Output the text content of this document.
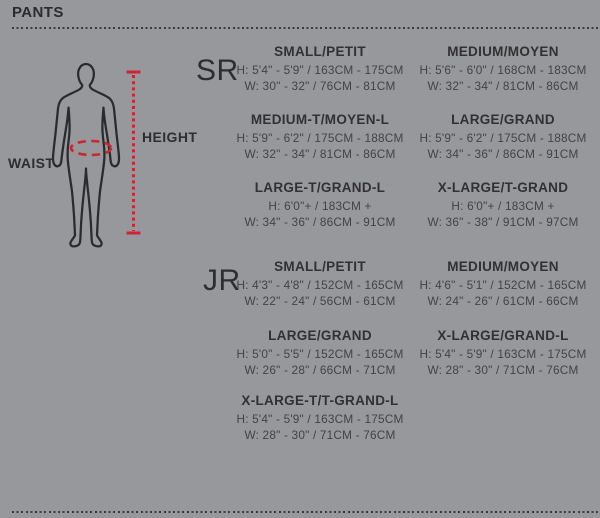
PANTS
WAIST
HEIGHT
SR
JR
SMALL/PETIT
H: 5'4" - 5'9" / 163CM - 175CM
W: 30" - 32" / 76CM - 81CM
MEDIUM/MOYEN
H: 5'6" - 6'0" / 168CM - 183CM
W: 32" - 34" / 81CM - 86CM
MEDIUM-T/MOYEN-L
H: 5'9" - 6'2" / 175CM - 188CM
W: 32" - 34" / 81CM - 86CM
LARGE/GRAND
H: 5'9" - 6'2" / 175CM - 188CM
W: 34" - 36" / 86CM - 91CM
LARGE-T/GRAND-L
H: 6'0"+ / 183CM +
W: 34" - 36" / 86CM - 91CM
X-LARGE/T-GRAND
H: 6'0"+ / 183CM +
W: 36" - 38" / 91CM - 97CM
SMALL/PETIT
H: 4'3" - 4'8" / 152CM - 165CM
W: 22" - 24" / 56CM - 61CM
MEDIUM/MOYEN
H: 4'6" - 5'1" / 152CM - 165CM
W: 24" - 26" / 61CM - 66CM
LARGE/GRAND
H: 5'0" - 5'5" / 152CM - 165CM
W: 26" - 28" / 66CM - 71CM
X-LARGE/GRAND-L
H: 5'4" - 5'9" / 163CM - 175CM
W: 28" - 30" / 71CM - 76CM
X-LARGE-T/T-GRAND-L
H: 5'4" - 5'9" / 163CM - 175CM
W: 28" - 30" / 71CM - 76CM
